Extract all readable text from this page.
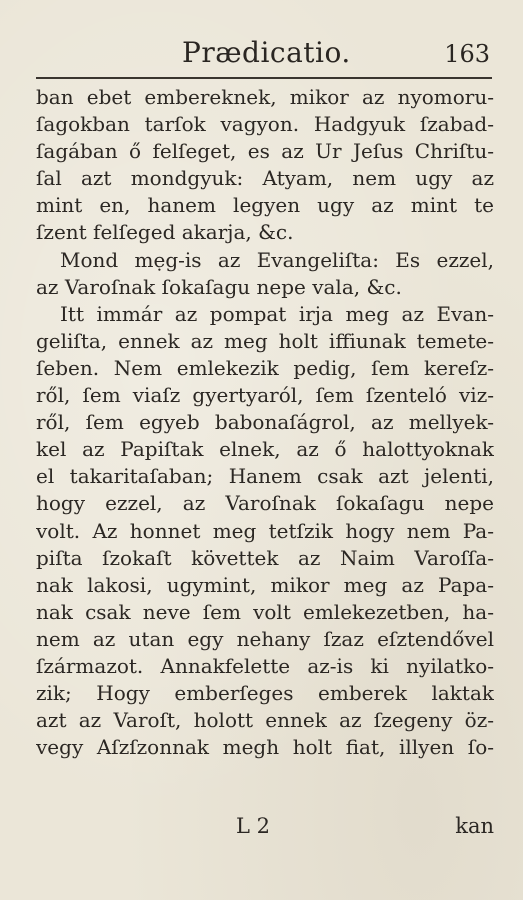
Prædicatio.	163
ban ebet embereknek, mikor az nyomoru-
ſagokban tarſok vagyon. Hadgyuk ſzabad-
ſagában ő felſeget, es az Ur Jeſus Chriſtu-
ſal azt mondgyuk: Atyam, nem ugy az
mint en, hanem legyen ugy az mint te
ſzent felſeged akarja, &c.
Mond mẹg-is az Evangeliſta: Es ezzel,
az Varoſnak ſokaſagu nepe vala, &c.
Itt immár az pompat irja meg az Evan-
geliſta, ennek az meg holt iffiunak temete-
ſeben. Nem emlekezik pedig, ſem kereſz-
ről, ſem viaſz gyertyaról, ſem ſzenteló viz-
ről, ſem egyeb babonaſágrol, az mellyek-
kel az Papiſtak elnek, az ő halottyoknak
el takaritaſaban; Hanem csak azt jelenti,
hogy ezzel, az Varoſnak ſokaſagu nepe
volt. Az honnet meg tetſzik hogy nem Pa-
piſta ſzokaſt követtek az Naim Varoſſa-
nak lakosi, ugymint, mikor meg az Papa-
nak csak neve ſem volt emlekezetben, ha-
nem az utan egy nehany ſzaz eſztendővel
ſzármazot. Annakfelette az-is ki nyilatko-
zik; Hogy emberſeges emberek laktak
azt az Varoſt, holott ennek az ſzegeny öz-
vegy Aſzſzonnak megh holt fiat, illyen ſo-
L 2	kan
